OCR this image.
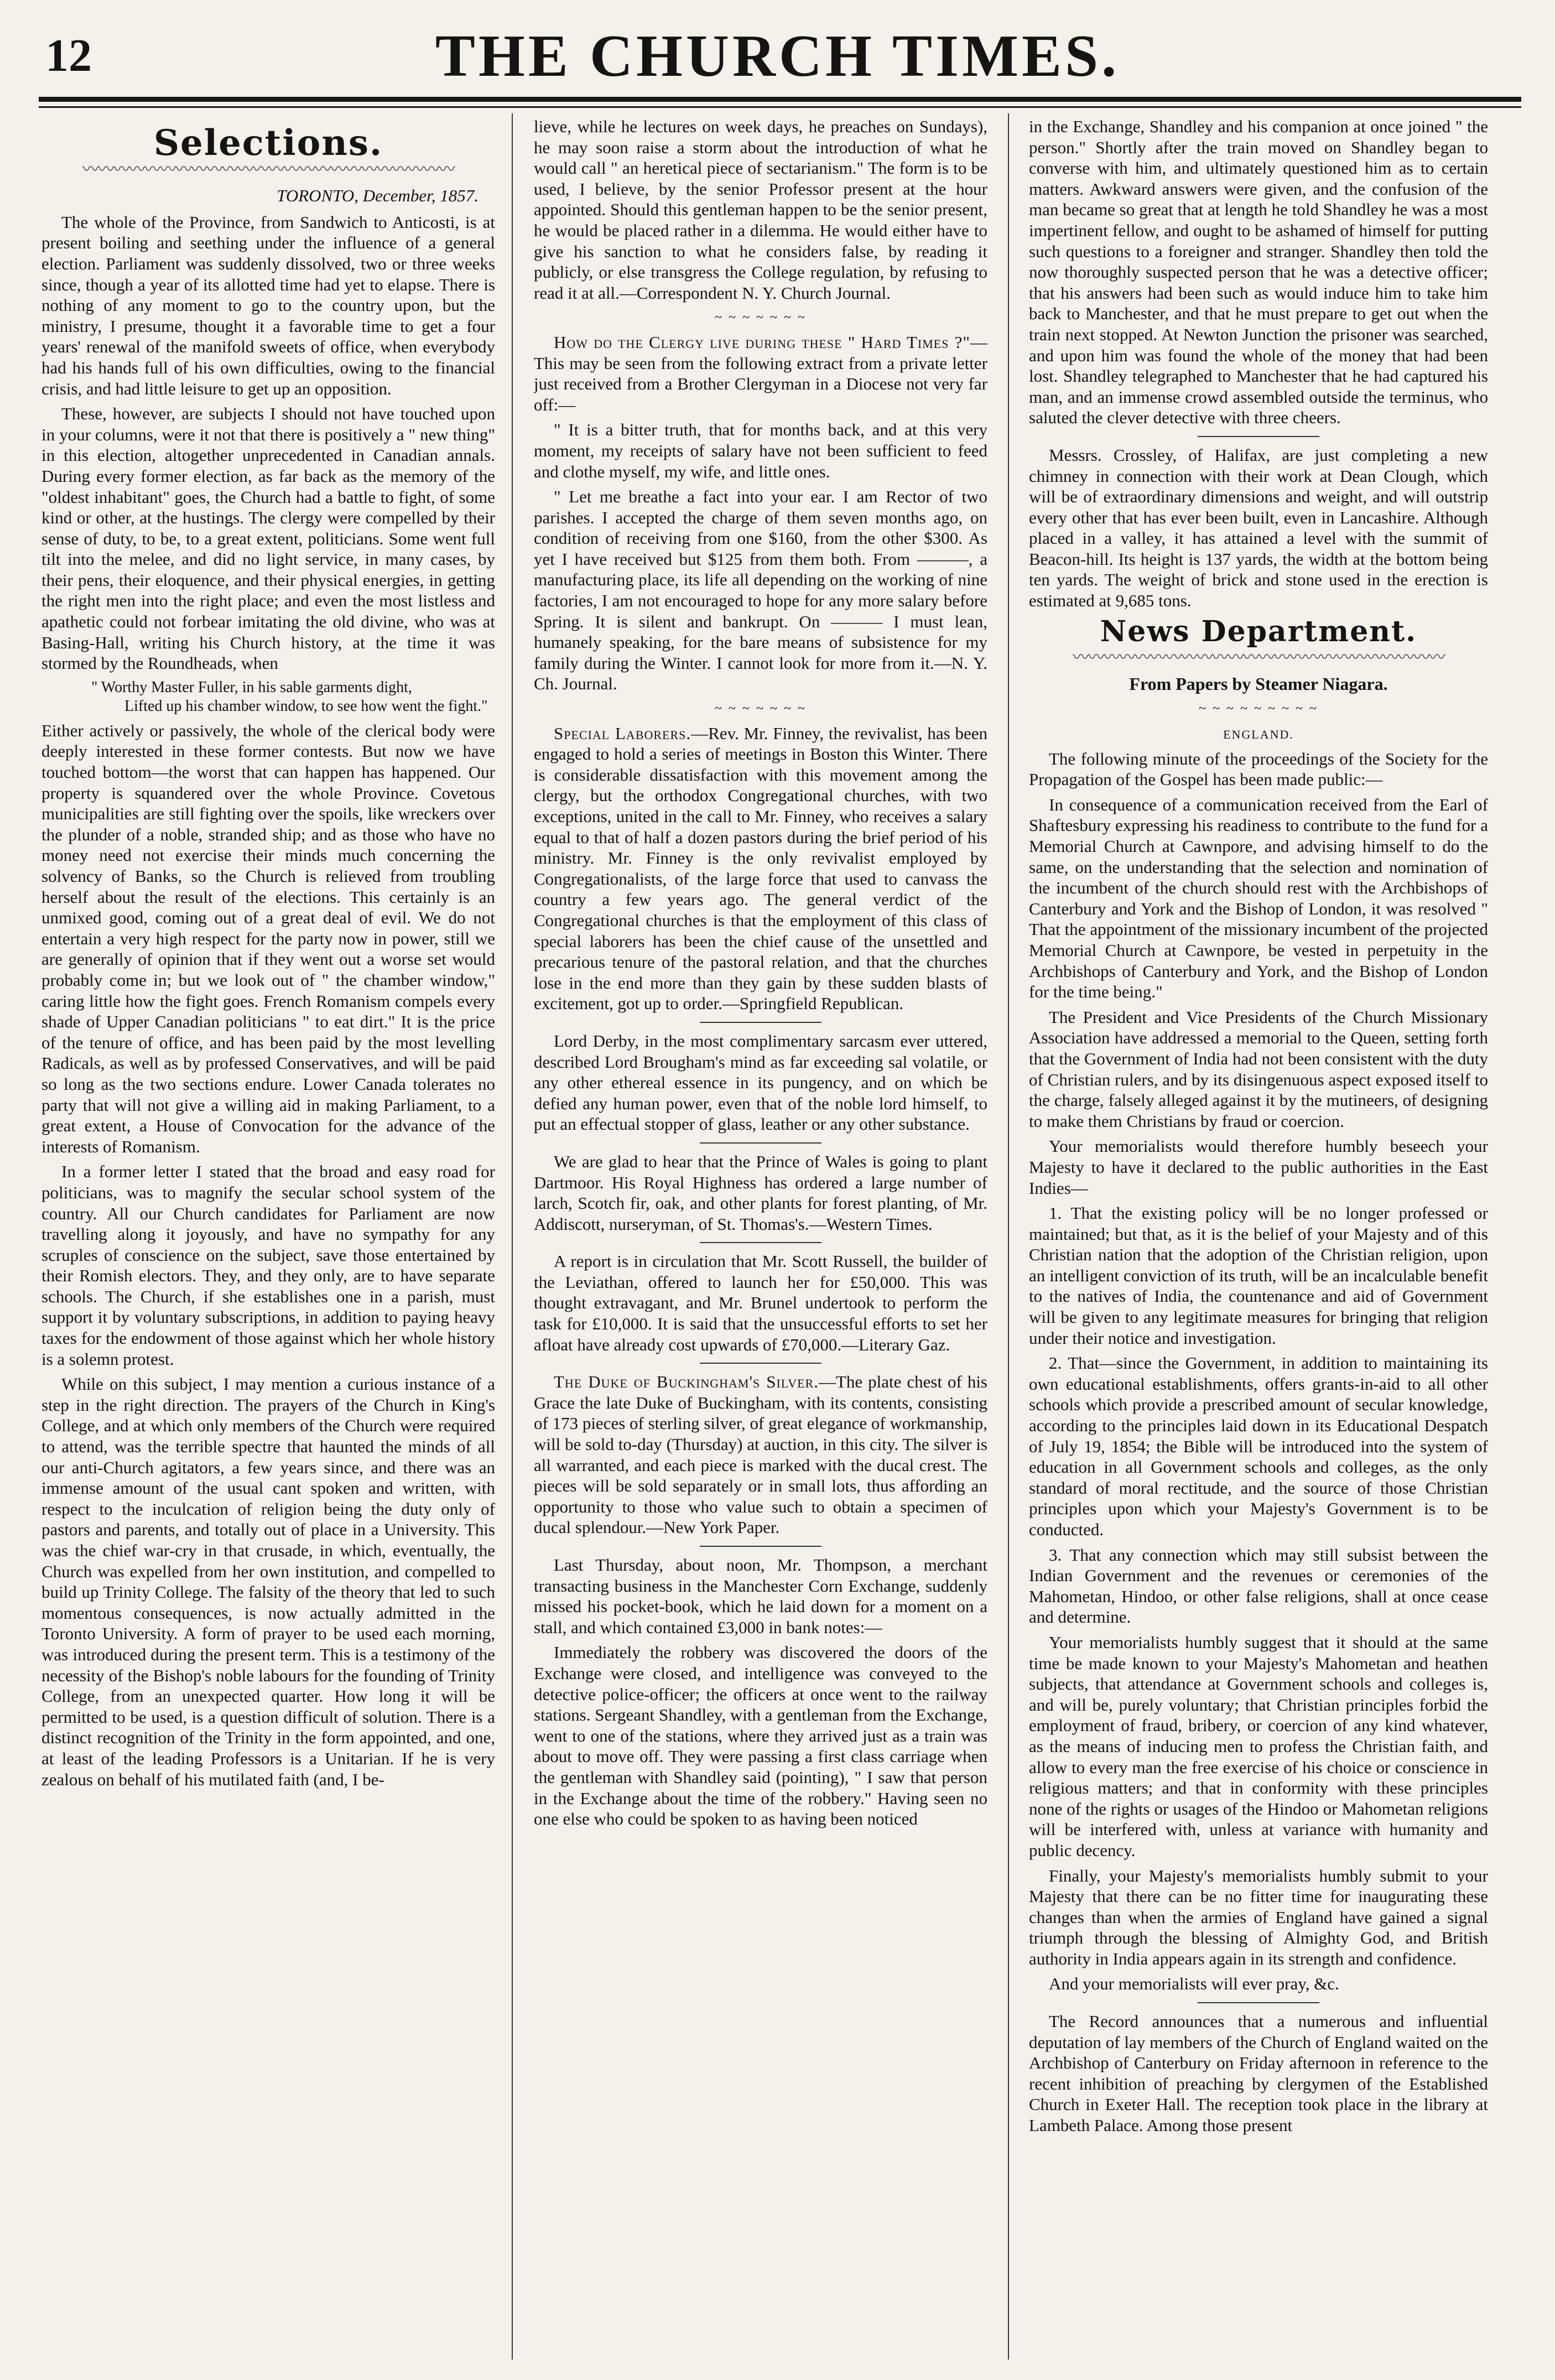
12	THE CHURCH TIMES.
Selections.
〰〰〰〰〰〰〰〰〰〰〰〰〰〰〰〰〰〰〰〰〰〰〰〰
TORONTO, December, 1857.

The whole of the Province, from Sandwich to Anticosti, is at present boiling and seething under the influence of a general election. Parliament was suddenly dissolved, two or three weeks since, though a year of its allotted time had yet to elapse. There is nothing of any moment to go to the country upon, but the ministry, I presume, thought it a favorable time to get a four years' renewal of the manifold sweets of office, when everybody had his hands full of his own difficulties, owing to the financial crisis, and had little leisure to get up an opposition.

These, however, are subjects I should not have touched upon in your columns, were it not that there is positively a " new thing" in this election, altogether unprecedented in Canadian annals. During every former election, as far back as the memory of the "oldest inhabitant" goes, the Church had a battle to fight, of some kind or other, at the hustings. The clergy were compelled by their sense of duty, to be, to a great extent, politicians. Some went full tilt into the melee, and did no light service, in many cases, by their pens, their eloquence, and their physical energies, in getting the right men into the right place; and even the most listless and apathetic could not forbear imitating the old divine, who was at Basing-Hall, writing his Church history, at the time it was stormed by the Roundheads, when

" Worthy Master Fuller, in his sable garments dight,
Lifted up his chamber window, to see how went the fight."

Either actively or passively, the whole of the clerical body were deeply interested in these former contests. But now we have touched bottom—the worst that can happen has happened. Our property is squandered over the whole Province. Covetous municipalities are still fighting over the spoils, like wreckers over the plunder of a noble, stranded ship; and as those who have no money need not exercise their minds much concerning the solvency of Banks, so the Church is relieved from troubling herself about the result of the elections. This certainly is an unmixed good, coming out of a great deal of evil. We do not entertain a very high respect for the party now in power, still we are generally of opinion that if they went out a worse set would probably come in; but we look out of " the chamber window," caring little how the fight goes. French Romanism compels every shade of Upper Canadian politicians " to eat dirt." It is the price of the tenure of office, and has been paid by the most levelling Radicals, as well as by professed Conservatives, and will be paid so long as the two sections endure. Lower Canada tolerates no party that will not give a willing aid in making Parliament, to a great extent, a House of Convocation for the advance of the interests of Romanism.

In a former letter I stated that the broad and easy road for politicians, was to magnify the secular school system of the country. All our Church candidates for Parliament are now travelling along it joyously, and have no sympathy for any scruples of conscience on the subject, save those entertained by their Romish electors. They, and they only, are to have separate schools. The Church, if she establishes one in a parish, must support it by voluntary subscriptions, in addition to paying heavy taxes for the endowment of those against which her whole history is a solemn protest.

While on this subject, I may mention a curious instance of a step in the right direction. The prayers of the Church in King's College, and at which only members of the Church were required to attend, was the terrible spectre that haunted the minds of all our anti-Church agitators, a few years since, and there was an immense amount of the usual cant spoken and written, with respect to the inculcation of religion being the duty only of pastors and parents, and totally out of place in a University. This was the chief war-cry in that crusade, in which, eventually, the Church was expelled from her own institution, and compelled to build up Trinity College. The falsity of the theory that led to such momentous consequences, is now actually admitted in the Toronto University. A form of prayer to be used each morning, was introduced during the present term. This is a testimony of the necessity of the Bishop's noble labours for the founding of Trinity College, from an unexpected quarter. How long it will be permitted to be used, is a question difficult of solution. There is a distinct recognition of the Trinity in the form appointed, and one, at least of the leading Professors is a Unitarian. If he is very zealous on behalf of his mutilated faith (and, I be-

lieve, while he lectures on week days, he preaches on Sundays), he may soon raise a storm about the introduction of what he would call " an heretical piece of sectarianism." The form is to be used, I believe, by the senior Professor present at the hour appointed. Should this gentleman happen to be the senior present, he would be placed rather in a dilemma. He would either have to give his sanction to what he considers false, by reading it publicly, or else transgress the College regulation, by refusing to read it at all.—Correspondent N. Y. Church Journal.

~ ~ ~ ~ ~ ~ ~

How do the Clergy live during these " Hard Times ?"—This may be seen from the following extract from a private letter just received from a Brother Clergyman in a Diocese not very far off:—

" It is a bitter truth, that for months back, and at this very moment, my receipts of salary have not been sufficient to feed and clothe myself, my wife, and little ones.

" Let me breathe a fact into your ear. I am Rector of two parishes. I accepted the charge of them seven months ago, on condition of receiving from one $160, from the other $300. As yet I have received but $125 from them both. From ———, a manufacturing place, its life all depending on the working of nine factories, I am not encouraged to hope for any more salary before Spring. It is silent and bankrupt. On ——— I must lean, humanely speaking, for the bare means of subsistence for my family during the Winter. I cannot look for more from it.—N. Y. Ch. Journal.

~ ~ ~ ~ ~ ~ ~

Special Laborers.—Rev. Mr. Finney, the revivalist, has been engaged to hold a series of meetings in Boston this Winter. There is considerable dissatisfaction with this movement among the clergy, but the orthodox Congregational churches, with two exceptions, united in the call to Mr. Finney, who receives a salary equal to that of half a dozen pastors during the brief period of his ministry. Mr. Finney is the only revivalist employed by Congregationalists, of the large force that used to canvass the country a few years ago. The general verdict of the Congregational churches is that the employment of this class of special laborers has been the chief cause of the unsettled and precarious tenure of the pastoral relation, and that the churches lose in the end more than they gain by these sudden blasts of excitement, got up to order.—Springfield Republican.

Lord Derby, in the most complimentary sarcasm ever uttered, described Lord Brougham's mind as far exceeding sal volatile, or any other ethereal essence in its pungency, and on which be defied any human power, even that of the noble lord himself, to put an effectual stopper of glass, leather or any other substance.

We are glad to hear that the Prince of Wales is going to plant Dartmoor. His Royal Highness has ordered a large number of larch, Scotch fir, oak, and other plants for forest planting, of Mr. Addiscott, nurseryman, of St. Thomas's.—Western Times.

A report is in circulation that Mr. Scott Russell, the builder of the Leviathan, offered to launch her for £50,000. This was thought extravagant, and Mr. Brunel undertook to perform the task for £10,000. It is said that the unsuccessful efforts to set her afloat have already cost upwards of £70,000.—Literary Gaz.

The Duke of Buckingham's Silver.—The plate chest of his Grace the late Duke of Buckingham, with its contents, consisting of 173 pieces of sterling silver, of great elegance of workmanship, will be sold to-day (Thursday) at auction, in this city. The silver is all warranted, and each piece is marked with the ducal crest. The pieces will be sold separately or in small lots, thus affording an opportunity to those who value such to obtain a specimen of ducal splendour.—New York Paper.

Last Thursday, about noon, Mr. Thompson, a merchant transacting business in the Manchester Corn Exchange, suddenly missed his pocket-book, which he laid down for a moment on a stall, and which contained £3,000 in bank notes:—

Immediately the robbery was discovered the doors of the Exchange were closed, and intelligence was conveyed to the detective police-officer; the officers at once went to the railway stations. Sergeant Shandley, with a gentleman from the Exchange, went to one of the stations, where they arrived just as a train was about to move off. They were passing a first class carriage when the gentleman with Shandley said (pointing), " I saw that person in the Exchange about the time of the robbery." Having seen no one else who could be spoken to as having been noticed

in the Exchange, Shandley and his companion at once joined " the person." Shortly after the train moved on Shandley began to converse with him, and ultimately questioned him as to certain matters. Awkward answers were given, and the confusion of the man became so great that at length he told Shandley he was a most impertinent fellow, and ought to be ashamed of himself for putting such questions to a foreigner and stranger. Shandley then told the now thoroughly suspected person that he was a detective officer; that his answers had been such as would induce him to take him back to Manchester, and that he must prepare to get out when the train next stopped. At Newton Junction the prisoner was searched, and upon him was found the whole of the money that had been lost. Shandley telegraphed to Manchester that he had captured his man, and an immense crowd assembled outside the terminus, who saluted the clever detective with three cheers.

Messrs. Crossley, of Halifax, are just completing a new chimney in connection with their work at Dean Clough, which will be of extraordinary dimensions and weight, and will outstrip every other that has ever been built, even in Lancashire. Although placed in a valley, it has attained a level with the summit of Beacon-hill. Its height is 137 yards, the width at the bottom being ten yards. The weight of brick and stone used in the erection is estimated at 9,685 tons.

News Department.
〰〰〰〰〰〰〰〰〰〰〰〰〰〰〰〰〰〰〰〰〰〰〰〰
From Papers by Steamer Niagara.
~ ~ ~ ~ ~ ~ ~ ~ ~
ENGLAND.

The following minute of the proceedings of the Society for the Propagation of the Gospel has been made public:—

In consequence of a communication received from the Earl of Shaftesbury expressing his readiness to contribute to the fund for a Memorial Church at Cawnpore, and advising himself to do the same, on the understanding that the selection and nomination of the incumbent of the church should rest with the Archbishops of Canterbury and York and the Bishop of London, it was resolved " That the appointment of the missionary incumbent of the projected Memorial Church at Cawnpore, be vested in perpetuity in the Archbishops of Canterbury and York, and the Bishop of London for the time being."

The President and Vice Presidents of the Church Missionary Association have addressed a memorial to the Queen, setting forth that the Government of India had not been consistent with the duty of Christian rulers, and by its disingenuous aspect exposed itself to the charge, falsely alleged against it by the mutineers, of designing to make them Christians by fraud or coercion.

Your memorialists would therefore humbly beseech your Majesty to have it declared to the public authorities in the East Indies—

1. That the existing policy will be no longer professed or maintained; but that, as it is the belief of your Majesty and of this Christian nation that the adoption of the Christian religion, upon an intelligent conviction of its truth, will be an incalculable benefit to the natives of India, the countenance and aid of Government will be given to any legitimate measures for bringing that religion under their notice and investigation.

2. That—since the Government, in addition to maintaining its own educational establishments, offers grants-in-aid to all other schools which provide a prescribed amount of secular knowledge, according to the principles laid down in its Educational Despatch of July 19, 1854; the Bible will be introduced into the system of education in all Government schools and colleges, as the only standard of moral rectitude, and the source of those Christian principles upon which your Majesty's Government is to be conducted.

3. That any connection which may still subsist between the Indian Government and the revenues or ceremonies of the Mahometan, Hindoo, or other false religions, shall at once cease and determine.

Your memorialists humbly suggest that it should at the same time be made known to your Majesty's Mahometan and heathen subjects, that attendance at Government schools and colleges is, and will be, purely voluntary; that Christian principles forbid the employment of fraud, bribery, or coercion of any kind whatever, as the means of inducing men to profess the Christian faith, and allow to every man the free exercise of his choice or conscience in religious matters; and that in conformity with these principles none of the rights or usages of the Hindoo or Mahometan religions will be interfered with, unless at variance with humanity and public decency.

Finally, your Majesty's memorialists humbly submit to your Majesty that there can be no fitter time for inaugurating these changes than when the armies of England have gained a signal triumph through the blessing of Almighty God, and British authority in India appears again in its strength and confidence.

And your memorialists will ever pray, &c.

The Record announces that a numerous and influential deputation of lay members of the Church of England waited on the Archbishop of Canterbury on Friday afternoon in reference to the recent inhibition of preaching by clergymen of the Established Church in Exeter Hall. The reception took place in the library at Lambeth Palace. Among those present
